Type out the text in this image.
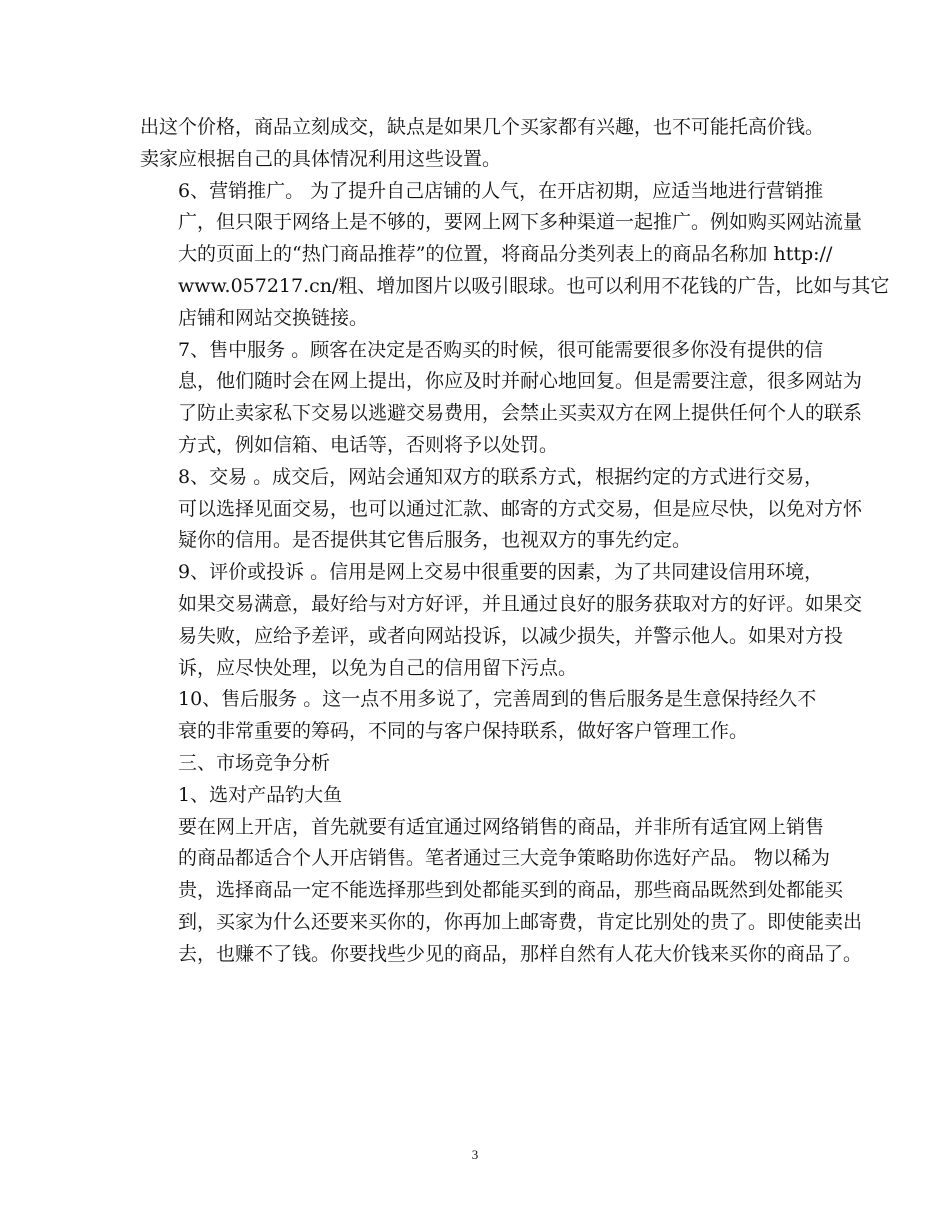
出这个价格，商品立刻成交，缺点是如果几个买家都有兴趣，也不可能托高价钱。
卖家应根据自己的具体情况利用这些设置。

6、营销推广。 为了提升自己店铺的人气，在开店初期，应适当地进行营销推
广，但只限于网络上是不够的，要网上网下多种渠道一起推广。例如购买网站流量
大的页面上的“热门商品推荐”的位置，将商品分类列表上的商品名称加 http://
www.057217.cn/粗、增加图片以吸引眼球。也可以利用不花钱的广告，比如与其它
店铺和网站交换链接。

7、售中服务 。顾客在决定是否购买的时候，很可能需要很多你没有提供的信
息，他们随时会在网上提出，你应及时并耐心地回复。但是需要注意，很多网站为
了防止卖家私下交易以逃避交易费用，会禁止买卖双方在网上提供任何个人的联系
方式，例如信箱、电话等，否则将予以处罚。

8、交易 。成交后，网站会通知双方的联系方式，根据约定的方式进行交易，
可以选择见面交易，也可以通过汇款、邮寄的方式交易，但是应尽快，以免对方怀
疑你的信用。是否提供其它售后服务，也视双方的事先约定。

9、评价或投诉 。信用是网上交易中很重要的因素，为了共同建设信用环境，
如果交易满意，最好给与对方好评，并且通过良好的服务获取对方的好评。如果交
易失败，应给予差评，或者向网站投诉，以减少损失，并警示他人。如果对方投
诉，应尽快处理，以免为自己的信用留下污点。

10、售后服务 。这一点不用多说了，完善周到的售后服务是生意保持经久不
衰的非常重要的筹码，不同的与客户保持联系，做好客户管理工作。

三、市场竞争分析

1、选对产品钓大鱼

要在网上开店，首先就要有适宜通过网络销售的商品，并非所有适宜网上销售
的商品都适合个人开店销售。笔者通过三大竞争策略助你选好产品。 物以稀为
贵，选择商品一定不能选择那些到处都能买到的商品，那些商品既然到处都能买
到，买家为什么还要来买你的，你再加上邮寄费，肯定比别处的贵了。即使能卖出
去，也赚不了钱。你要找些少见的商品，那样自然有人花大价钱来买你的商品了。

3
